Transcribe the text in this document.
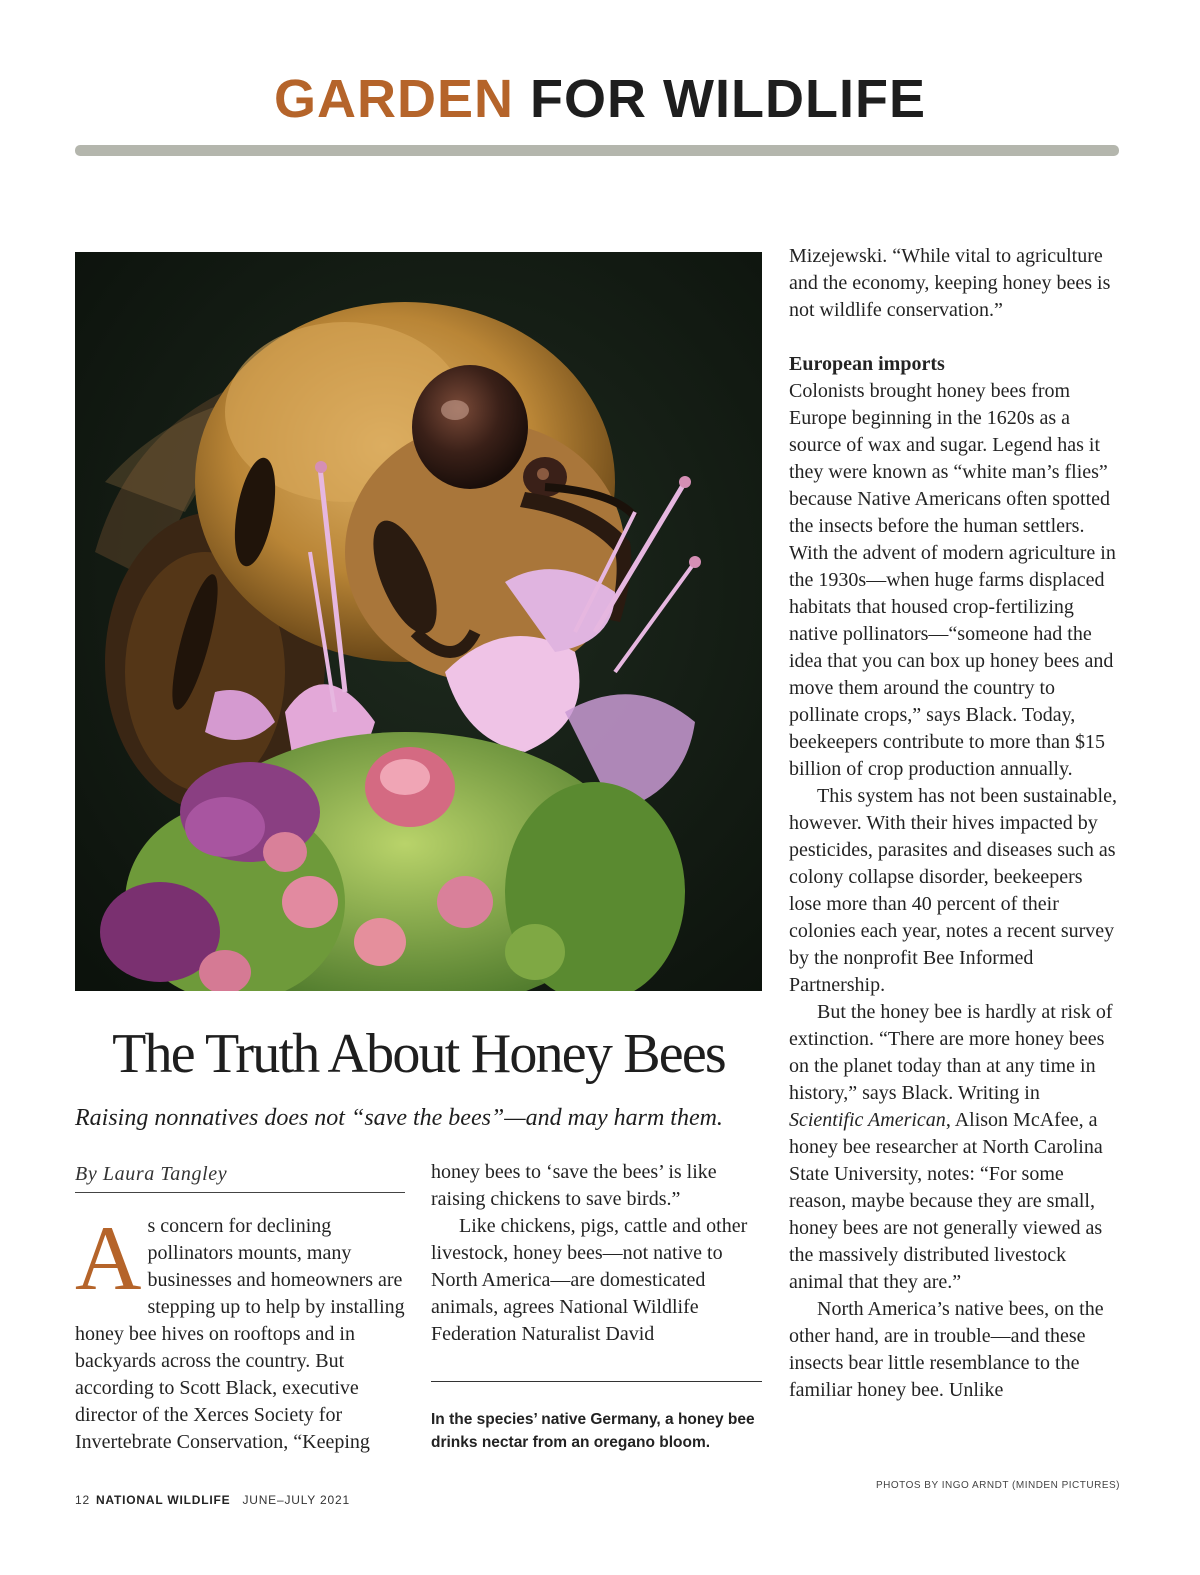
GARDEN FOR WILDLIFE
The Truth About Honey Bees

Raising nonnatives does not “save the bees”—and may harm them.

By Laura Tangley

As concern for declining pollinators mounts, many businesses and homeowners are stepping up to help by installing honey bee hives on rooftops and in backyards across the country. But according to Scott Black, executive director of the Xerces Society for Invertebrate Conservation, “Keeping

honey bees to ‘save the bees’ is like raising chickens to save birds.”

Like chickens, pigs, cattle and other livestock, honey bees—not native to North America—are domesticated animals, agrees National Wildlife Federation Naturalist David

In the species’ native Germany, a honey bee drinks nectar from an oregano bloom.

Mizejewski. “While vital to agriculture and the economy, keeping honey bees is not wildlife conservation.”

European imports

Colonists brought honey bees from Europe beginning in the 1620s as a source of wax and sugar. Legend has it they were known as “white man’s flies” because Native Americans often spotted the insects before the human settlers. With the advent of modern agriculture in the 1930s—when huge farms displaced habitats that housed crop-fertilizing native pollinators—“someone had the idea that you can box up honey bees and move them around the country to pollinate crops,” says Black. Today, beekeepers contribute to more than $15 billion of crop production annually.

This system has not been sustainable, however. With their hives impacted by pesticides, parasites and diseases such as colony collapse disorder, beekeepers lose more than 40 percent of their colonies each year, notes a recent survey by the nonprofit Bee Informed Partnership.

But the honey bee is hardly at risk of extinction. “There are more honey bees on the planet today than at any time in history,” says Black. Writing in Scientific American, Alison McAfee, a honey bee researcher at North Carolina State University, notes: “For some reason, maybe because they are small, honey bees are not generally viewed as the massively distributed livestock animal that they are.”

North America’s native bees, on the other hand, are in trouble—and these insects bear little resemblance to the familiar honey bee. Unlike

PHOTOS BY INGO ARNDT (MINDEN PICTURES)
12 NATIONAL WILDLIFE JUNE–JULY 2021
